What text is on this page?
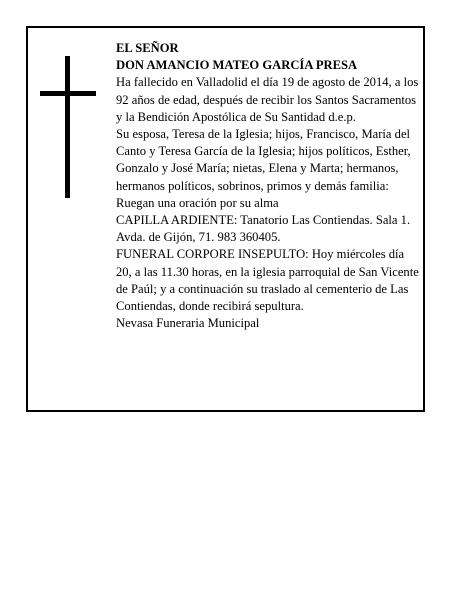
EL SEÑOR

DON AMANCIO MATEO GARCÍA PRESA

Ha fallecido en Valladolid el día 19 de agosto de 2014, a los 92 años de edad, después de recibir los Santos Sacramentos y la Bendición Apostólica de Su Santidad d.e.p.

Su esposa, Teresa de la Iglesia; hijos, Francisco, María del Canto y Teresa García de la Iglesia; hijos políticos, Esther, Gonzalo y José María; nietas, Elena y Marta; hermanos, hermanos políticos, sobrinos, primos y demás familia:

Ruegan una oración por su alma

CAPILLA ARDIENTE: Tanatorio Las Contiendas. Sala 1. Avda. de Gijón, 71. 983 360405.

FUNERAL CORPORE INSEPULTO: Hoy miércoles día 20, a las 11.30 horas, en la iglesia parroquial de San Vicente de Paúl; y a continuación su traslado al cementerio de Las Contiendas, donde recibirá sepultura.

Nevasa Funeraria Municipal
